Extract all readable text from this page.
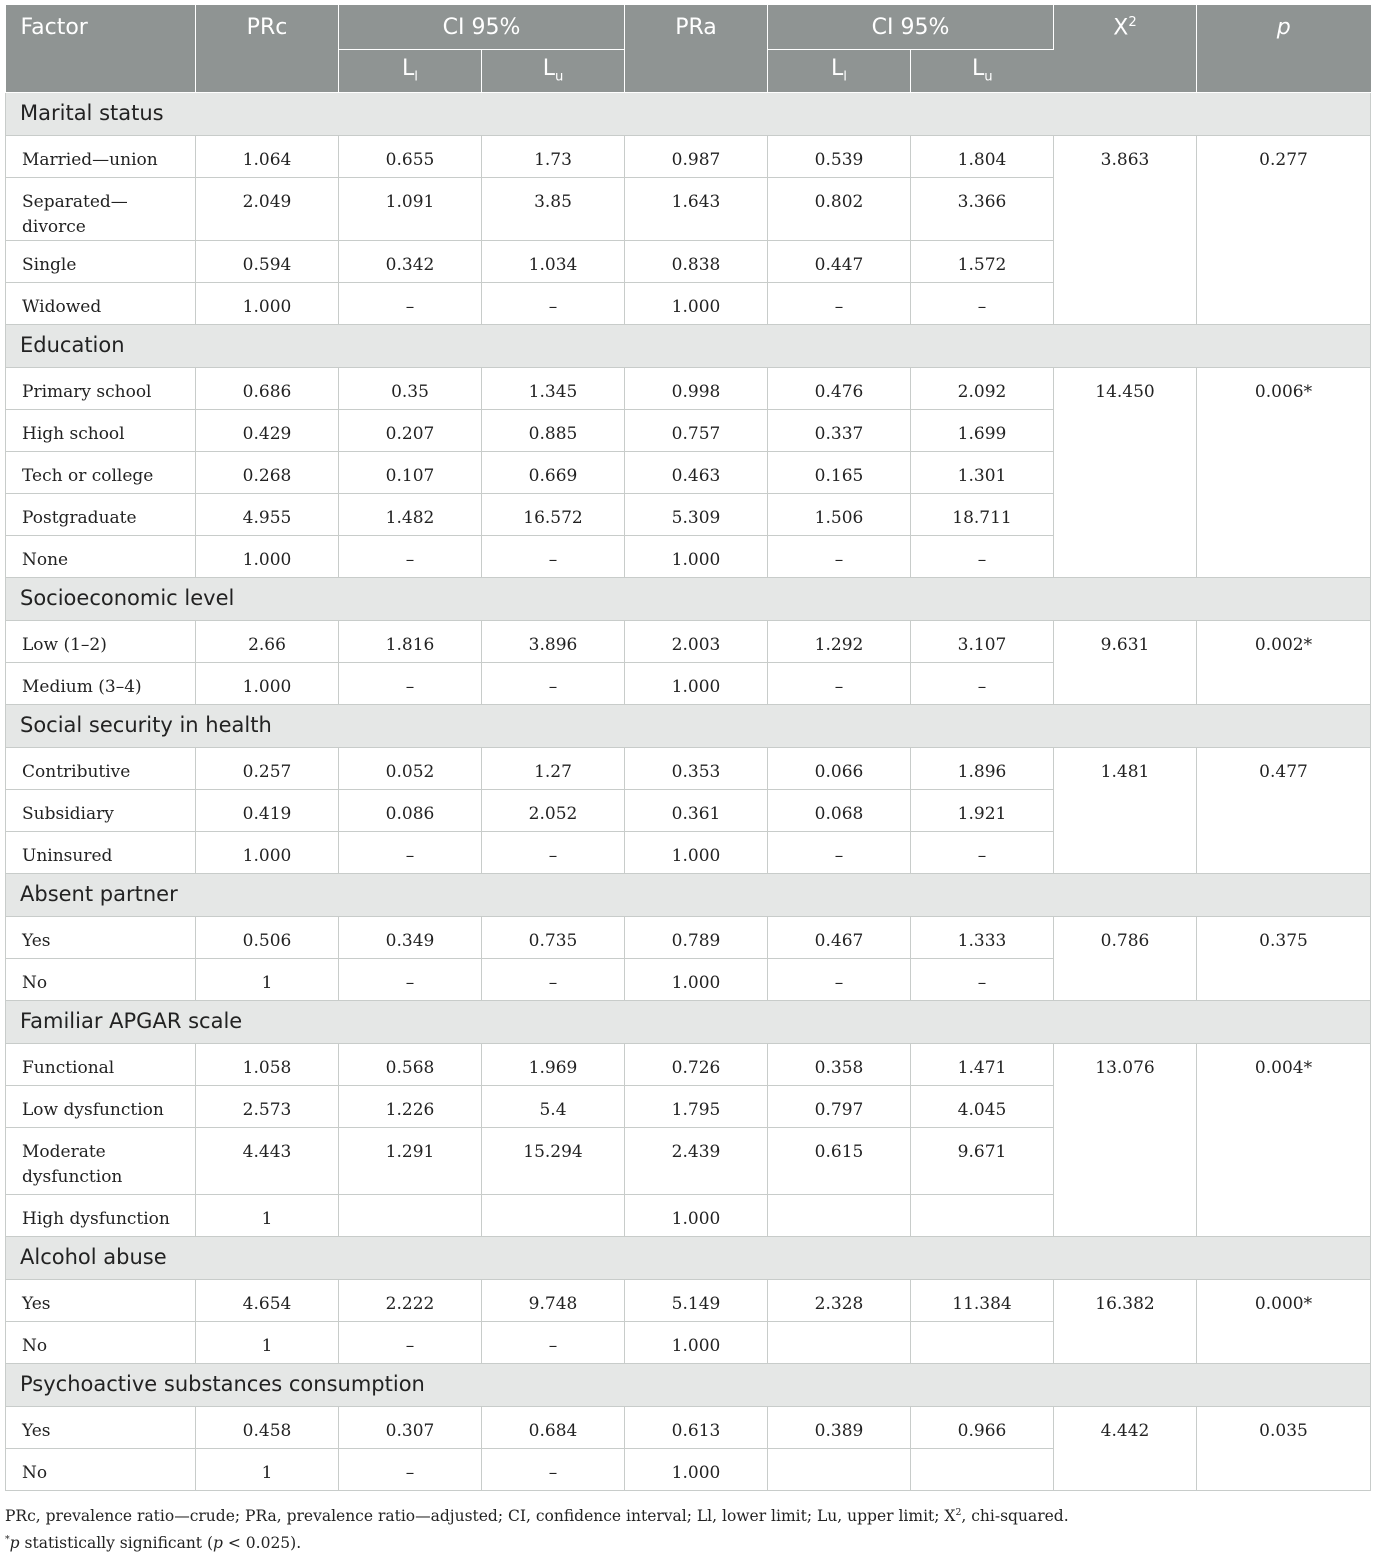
Factor	PRc	CI 95%		PRa	CI 95%		$X^2$	p
		$L_l$	$L_u$		$L_l$	$L_u$
Marital status								
Married—union	1.064	0.655	1.73	0.987	0.539	1.804	3.863	0.277
Separated—divorce	2.049	1.091	3.85	1.643	0.802	3.366		
Single	0.594	0.342	1.034	0.838	0.447	1.572		
Widowed	1.000	–	–	1.000	–	–		
Education								
Primary school	0.686	0.35	1.345	0.998	0.476	2.092	14.450	0.006*
High school	0.429	0.207	0.885	0.757	0.337	1.699		
Tech or college	0.268	0.107	0.669	0.463	0.165	1.301		
Postgraduate	4.955	1.482	16.572	5.309	1.506	18.711		
None	1.000	–	–	1.000	–	–		
Socioeconomic level								
Low (1–2)	2.66	1.816	3.896	2.003	1.292	3.107	9.631	0.002*
Medium (3–4)	1.000	–	–	1.000	–	–		
Social security in health								
Contributive	0.257	0.052	1.27	0.353	0.066	1.896	1.481	0.477
Subsidiary	0.419	0.086	2.052	0.361	0.068	1.921		
Uninsured	1.000	–	–	1.000	–	–		
Absent partner								
Yes	0.506	0.349	0.735	0.789	0.467	1.333	0.786	0.375
No	1	–	–	1.000	–	–		
Familiar APGAR scale								
Functional	1.058	0.568	1.969	0.726	0.358	1.471	13.076	0.004*
Low dysfunction	2.573	1.226	5.4	1.795	0.797	4.045		
Moderate dysfunction	4.443	1.291	15.294	2.439	0.615	9.671		
High dysfunction	1			1.000				
Alcohol abuse								
Yes	4.654	2.222	9.748	5.149	2.328	11.384	16.382	0.000*
No	1	–	–	1.000				
Psychoactive substances consumption								
Yes	0.458	0.307	0.684	0.613	0.389	0.966	4.442	0.035
No	1	–	–	1.000				
PRc, prevalence ratio—crude; PRa, prevalence ratio—adjusted; CI, confidence interval; Ll, lower limit; Lu, upper limit; $X^2$, chi-squared.
*p statistically significant (p < 0.025).
